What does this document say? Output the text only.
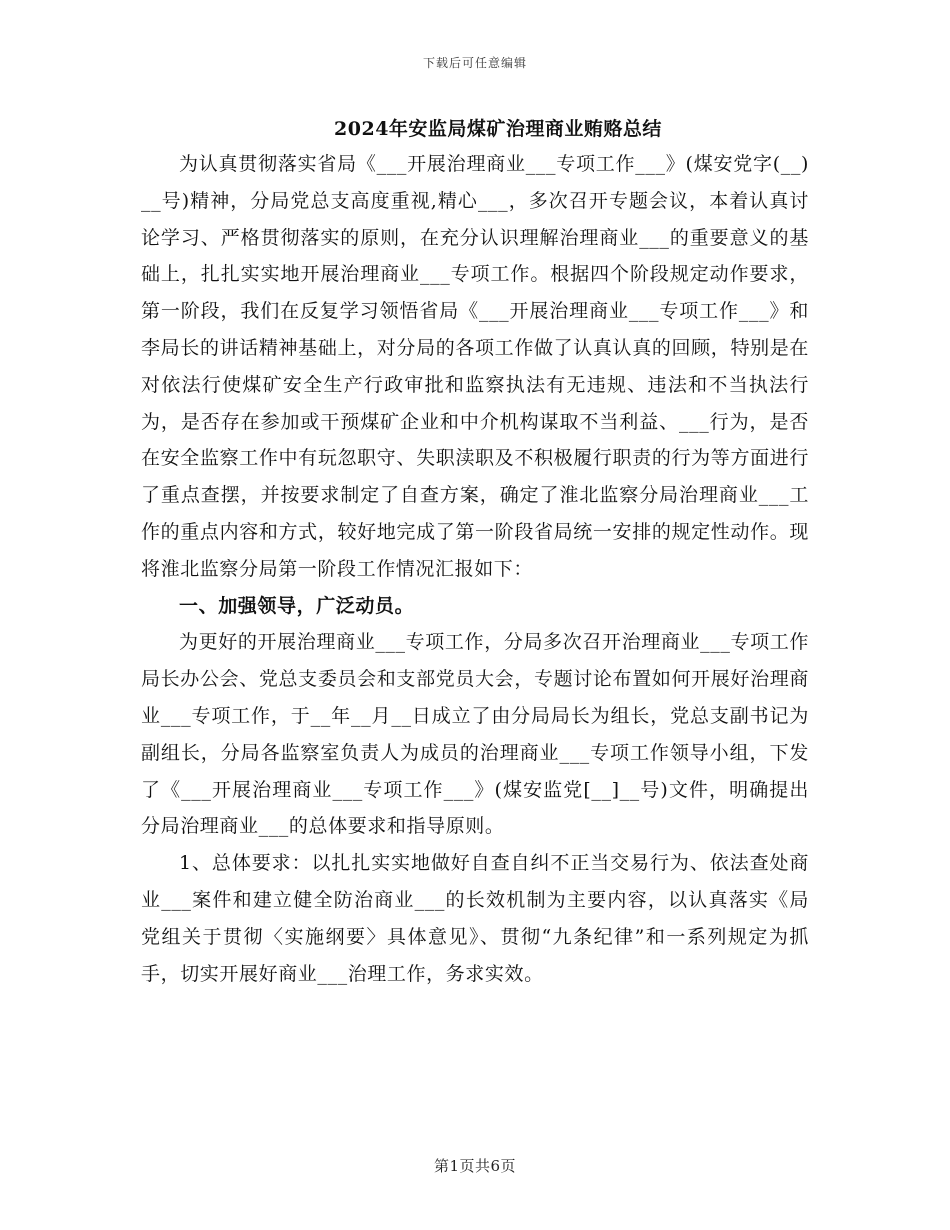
下载后可任意编辑
2024年安监局煤矿治理商业贿赂总结

为认真贯彻落实省局《___开展治理商业___专项工作___》(煤安党字(__)__号)精神，分局党总支高度重视,精心___，多次召开专题会议，本着认真讨论学习、严格贯彻落实的原则，在充分认识理解治理商业___的重要意义的基础上，扎扎实实地开展治理商业___专项工作。根据四个阶段规定动作要求，第一阶段，我们在反复学习领悟省局《___开展治理商业___专项工作___》和李局长的讲话精神基础上，对分局的各项工作做了认真认真的回顾，特别是在对依法行使煤矿安全生产行政审批和监察执法有无违规、违法和不当执法行为，是否存在参加或干预煤矿企业和中介机构谋取不当利益、___行为，是否在安全监察工作中有玩忽职守、失职渎职及不积极履行职责的行为等方面进行了重点查摆，并按要求制定了自查方案，确定了淮北监察分局治理商业___工作的重点内容和方式，较好地完成了第一阶段省局统一安排的规定性动作。现将淮北监察分局第一阶段工作情况汇报如下：

一、加强领导，广泛动员。

为更好的开展治理商业___专项工作，分局多次召开治理商业___专项工作局长办公会、党总支委员会和支部党员大会，专题讨论布置如何开展好治理商业___专项工作，于__年__月__日成立了由分局局长为组长，党总支副书记为副组长，分局各监察室负责人为成员的治理商业___专项工作领导小组，下发了《___开展治理商业___专项工作___》(煤安监党[__]__号)文件，明确提出分局治理商业___的总体要求和指导原则。

1、总体要求：以扎扎实实地做好自查自纠不正当交易行为、依法查处商业___案件和建立健全防治商业___的长效机制为主要内容，以认真落实《局党组关于贯彻〈实施纲要〉具体意见》、贯彻“九条纪律”和一系列规定为抓手，切实开展好商业___治理工作，务求实效。

第1页共6页
